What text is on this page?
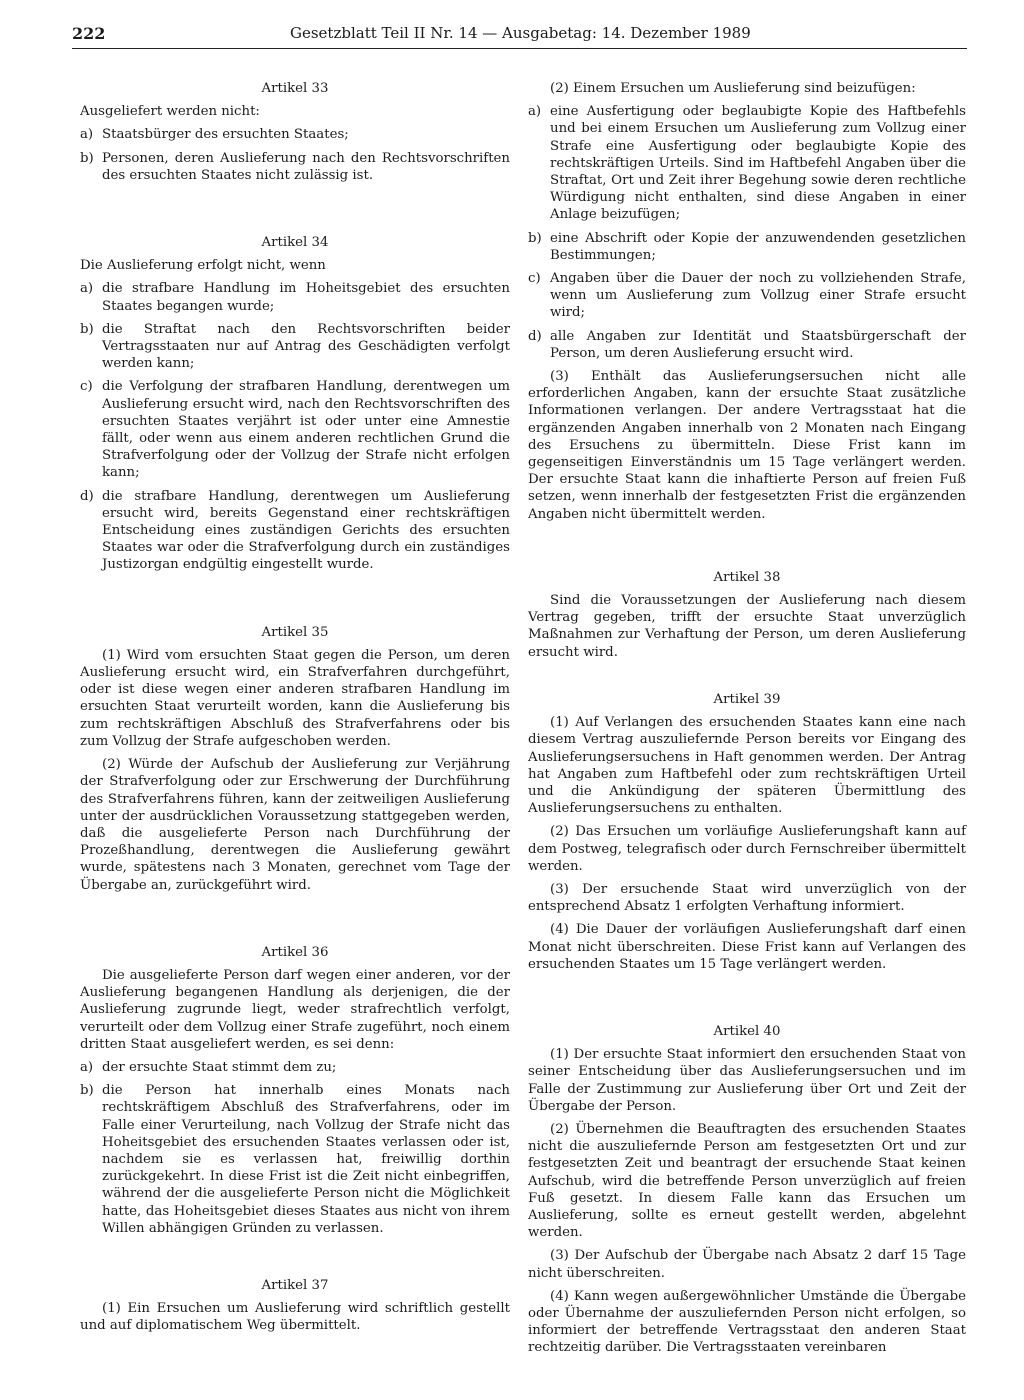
222	Gesetzblatt Teil II Nr. 14 — Ausgabetag: 14. Dezember 1989
Artikel 33

Ausgeliefert werden nicht:

a) Staatsbürger des ersuchten Staates;
b) Personen, deren Auslieferung nach den Rechtsvorschriften des ersuchten Staates nicht zulässig ist.
Artikel 34

Die Auslieferung erfolgt nicht, wenn

a) die strafbare Handlung im Hoheitsgebiet des ersuchten Staates begangen wurde;
b) die Straftat nach den Rechtsvorschriften beider Vertragsstaaten nur auf Antrag des Geschädigten verfolgt werden kann;
c) die Verfolgung der strafbaren Handlung, derentwegen um Auslieferung ersucht wird, nach den Rechtsvorschriften des ersuchten Staates verjährt ist oder unter eine Amnestie fällt, oder wenn aus einem anderen rechtlichen Grund die Strafverfolgung oder der Vollzug der Strafe nicht erfolgen kann;
d) die strafbare Handlung, derentwegen um Auslieferung ersucht wird, bereits Gegenstand einer rechtskräftigen Entscheidung eines zuständigen Gerichts des ersuchten Staates war oder die Strafverfolgung durch ein zuständiges Justizorgan endgültig eingestellt wurde.
Artikel 35

(1) Wird vom ersuchten Staat gegen die Person, um deren Auslieferung ersucht wird, ein Strafverfahren durchgeführt, oder ist diese wegen einer anderen strafbaren Handlung im ersuchten Staat verurteilt worden, kann die Auslieferung bis zum rechtskräftigen Abschluß des Strafverfahrens oder bis zum Vollzug der Strafe aufgeschoben werden.

(2) Würde der Aufschub der Auslieferung zur Verjährung der Strafverfolgung oder zur Erschwerung der Durchführung des Strafverfahrens führen, kann der zeitweiligen Auslieferung unter der ausdrücklichen Voraussetzung stattgegeben werden, daß die ausgelieferte Person nach Durchführung der Prozeßhandlung, derentwegen die Auslieferung gewährt wurde, spätestens nach 3 Monaten, gerechnet vom Tage der Übergabe an, zurückgeführt wird.

Artikel 36

Die ausgelieferte Person darf wegen einer anderen, vor der Auslieferung begangenen Handlung als derjenigen, die der Auslieferung zugrunde liegt, weder strafrechtlich verfolgt, verurteilt oder dem Vollzug einer Strafe zugeführt, noch einem dritten Staat ausgeliefert werden, es sei denn:

a) der ersuchte Staat stimmt dem zu;
b) die Person hat innerhalb eines Monats nach rechtskräftigem Abschluß des Strafverfahrens, oder im Falle einer Verurteilung, nach Vollzug der Strafe nicht das Hoheitsgebiet des ersuchenden Staates verlassen oder ist, nachdem sie es verlassen hat, freiwillig dorthin zurückgekehrt. In diese Frist ist die Zeit nicht einbegriffen, während der die ausgelieferte Person nicht die Möglichkeit hatte, das Hoheitsgebiet dieses Staates aus nicht von ihrem Willen abhängigen Gründen zu verlassen.
Artikel 37

(1) Ein Ersuchen um Auslieferung wird schriftlich gestellt und auf diplomatischem Weg übermittelt.

(2) Einem Ersuchen um Auslieferung sind beizufügen:

a) eine Ausfertigung oder beglaubigte Kopie des Haftbefehls und bei einem Ersuchen um Auslieferung zum Vollzug einer Strafe eine Ausfertigung oder beglaubigte Kopie des rechtskräftigen Urteils. Sind im Haftbefehl Angaben über die Straftat, Ort und Zeit ihrer Begehung sowie deren rechtliche Würdigung nicht enthalten, sind diese Angaben in einer Anlage beizufügen;
b) eine Abschrift oder Kopie der anzuwendenden gesetzlichen Bestimmungen;
c) Angaben über die Dauer der noch zu vollziehenden Strafe, wenn um Auslieferung zum Vollzug einer Strafe ersucht wird;
d) alle Angaben zur Identität und Staatsbürgerschaft der Person, um deren Auslieferung ersucht wird.

(3) Enthält das Auslieferungsersuchen nicht alle erforderlichen Angaben, kann der ersuchte Staat zusätzliche Informationen verlangen. Der andere Vertragsstaat hat die ergänzenden Angaben innerhalb von 2 Monaten nach Eingang des Ersuchens zu übermitteln. Diese Frist kann im gegenseitigen Einverständnis um 15 Tage verlängert werden. Der ersuchte Staat kann die inhaftierte Person auf freien Fuß setzen, wenn innerhalb der festgesetzten Frist die ergänzenden Angaben nicht übermittelt werden.

Artikel 38

Sind die Voraussetzungen der Auslieferung nach diesem Vertrag gegeben, trifft der ersuchte Staat unverzüglich Maßnahmen zur Verhaftung der Person, um deren Auslieferung ersucht wird.

Artikel 39

(1) Auf Verlangen des ersuchenden Staates kann eine nach diesem Vertrag auszuliefernde Person bereits vor Eingang des Auslieferungsersuchens in Haft genommen werden. Der Antrag hat Angaben zum Haftbefehl oder zum rechtskräftigen Urteil und die Ankündigung der späteren Übermittlung des Auslieferungsersuchens zu enthalten.

(2) Das Ersuchen um vorläufige Auslieferungshaft kann auf dem Postweg, telegrafisch oder durch Fernschreiber übermittelt werden.

(3) Der ersuchende Staat wird unverzüglich von der entsprechend Absatz 1 erfolgten Verhaftung informiert.

(4) Die Dauer der vorläufigen Auslieferungshaft darf einen Monat nicht überschreiten. Diese Frist kann auf Verlangen des ersuchenden Staates um 15 Tage verlängert werden.

Artikel 40

(1) Der ersuchte Staat informiert den ersuchenden Staat von seiner Entscheidung über das Auslieferungsersuchen und im Falle der Zustimmung zur Auslieferung über Ort und Zeit der Übergabe der Person.

(2) Übernehmen die Beauftragten des ersuchenden Staates nicht die auszuliefernde Person am festgesetzten Ort und zur festgesetzten Zeit und beantragt der ersuchende Staat keinen Aufschub, wird die betreffende Person unverzüglich auf freien Fuß gesetzt. In diesem Falle kann das Ersuchen um Auslieferung, sollte es erneut gestellt werden, abgelehnt werden.

(3) Der Aufschub der Übergabe nach Absatz 2 darf 15 Tage nicht überschreiten.

(4) Kann wegen außergewöhnlicher Umstände die Übergabe oder Übernahme der auszuliefernden Person nicht erfolgen, so informiert der betreffende Vertragsstaat den anderen Staat rechtzeitig darüber. Die Vertragsstaaten vereinbaren
